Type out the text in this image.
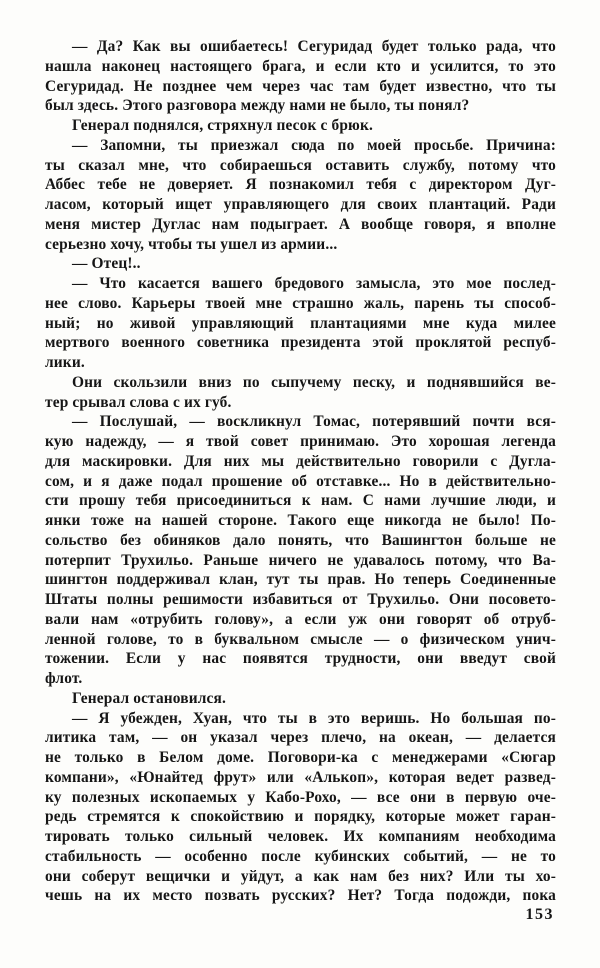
— Да? Как вы ошибаетесь! Сегуридад будет только рада, что
нашла наконец настоящего брага, и если кто и усилится, то это
Сегуридад. Не позднее чем через час там будет известно, что ты
был здесь. Этого разговора между нами не было, ты понял?
Генерал поднялся, стряхнул песок с брюк.
— Запомни, ты приезжал сюда по моей просьбе. Причина:
ты сказал мне, что собираешься оставить службу, потому что
Аббес тебе не доверяет. Я познакомил тебя с директором Дуг-
ласом, который ищет управляющего для своих плантаций. Ради
меня мистер Дуглас нам подыграет. А вообще говоря, я вполне
серьезно хочу, чтобы ты ушел из армии...
— Отец!..
— Что касается вашего бредового замысла, это мое послед-
нее слово. Карьеры твоей мне страшно жаль, парень ты способ-
ный; но живой управляющий плантациями мне куда милее
мертвого военного советника президента этой проклятой респуб-
лики.
Они скользили вниз по сыпучему песку, и поднявшийся ве-
тер срывал слова с их губ.
— Послушай, — воскликнул Томас, потерявший почти вся-
кую надежду, — я твой совет принимаю. Это хорошая легенда
для маскировки. Для них мы действительно говорили с Дугла-
сом, и я даже подал прошение об отставке... Но в действительно-
сти прошу тебя присоединиться к нам. С нами лучшие люди, и
янки тоже на нашей стороне. Такого еще никогда не было! По-
сольство без обиняков дало понять, что Вашингтон больше не
потерпит Трухильо. Раньше ничего не удавалось потому, что Ва-
шингтон поддерживал клан, тут ты прав. Но теперь Соединенные
Штаты полны решимости избавиться от Трухильо. Они посовето-
вали нам «отрубить голову», а если уж они говорят об отруб-
ленной голове, то в буквальном смысле — о физическом унич-
тожении. Если у нас появятся трудности, они введут свой
флот.
Генерал остановился.
— Я убежден, Хуан, что ты в это веришь. Но большая по-
литика там, — он указал через плечо, на океан, — делается
не только в Белом доме. Поговори-ка с менеджерами «Сюгар
компани», «Юнайтед фрут» или «Алькоп», которая ведет развед-
ку полезных ископаемых у Кабо-Рохо, — все они в первую оче-
редь стремятся к спокойствию и порядку, которые может гаран-
тировать только сильный человек. Их компаниям необходима
стабильность — особенно после кубинских событий, — не то
они соберут вещички и уйдут, а как нам без них? Или ты хо-
чешь на их место позвать русских? Нет? Тогда подожди, пока
153
